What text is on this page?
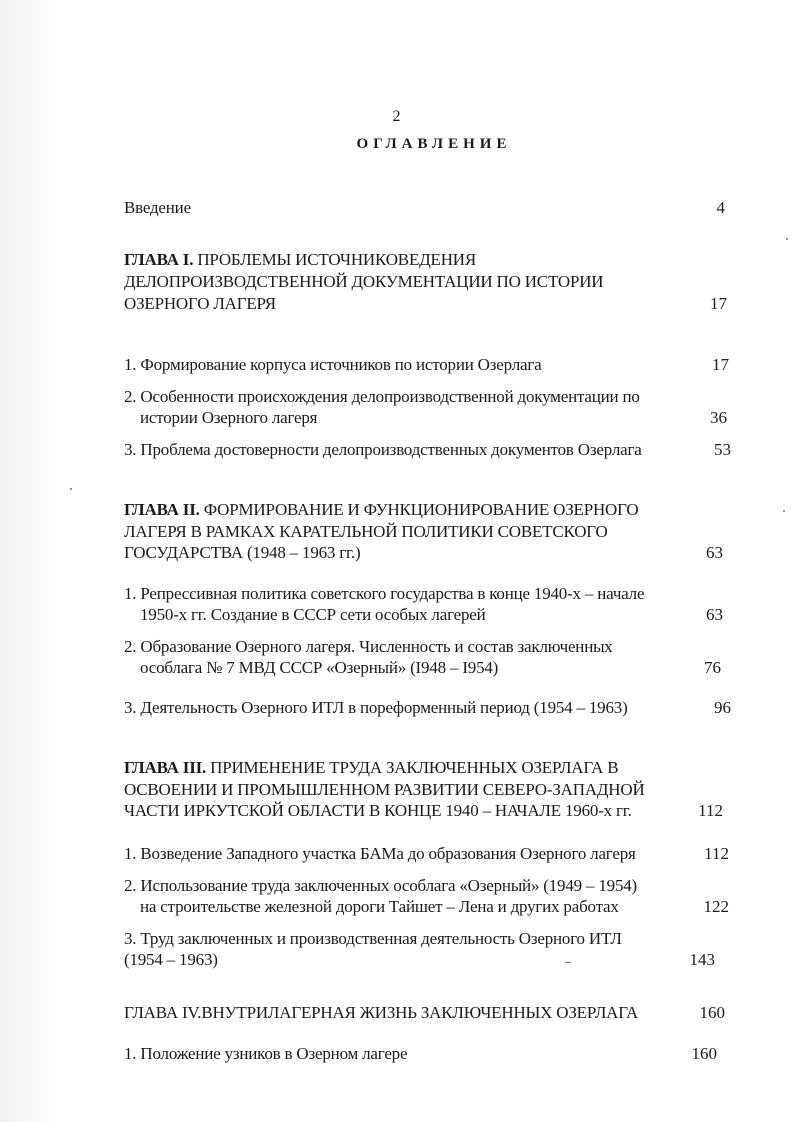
2
ОГЛАВЛЕНИЕ
Введение	4
ГЛАВА I. ПРОБЛЕМЫ ИСТОЧНИКОВЕДЕНИЯ
ДЕЛОПРОИЗВОДСТВЕННОЙ ДОКУМЕНТАЦИИ ПО ИСТОРИИ
ОЗЕРНОГО ЛАГЕРЯ	17
1. Формирование корпуса источников по истории Озерлага	17
2. Особенности происхождения делопроизводственной документации по
истории Озерного лагеря	36
3. Проблема достоверности делопроизводственных документов Озерлага	53
ГЛАВА II. ФОРМИРОВАНИЕ И ФУНКЦИОНИРОВАНИЕ ОЗЕРНОГО
ЛАГЕРЯ В РАМКАХ КАРАТЕЛЬНОЙ ПОЛИТИКИ СОВЕТСКОГО
ГОСУДАРСТВА (1948 – 1963 гг.)	63
1. Репрессивная политика советского государства в конце 1940-х – начале
1950-х гг. Создание в СССР сети особых лагерей	63
2. Образование Озерного лагеря. Численность и состав заключенных
особлага № 7 МВД СССР «Озерный» (I948 – I954)	76
3. Деятельность Озерного ИТЛ в пореформенный период (1954 – 1963)	96
ГЛАВА III. ПРИМЕНЕНИЕ ТРУДА ЗАКЛЮЧЕННЫХ ОЗЕРЛАГА В
ОСВОЕНИИ И ПРОМЫШЛЕННОМ РАЗВИТИИ СЕВЕРО-ЗАПАДНОЙ
ЧАСТИ ИРКУТСКОЙ ОБЛАСТИ В КОНЦЕ 1940 – НАЧАЛЕ 1960-х гг.	112
1. Возведение Западного участка БАМа до образования Озерного лагеря	112
2. Использование труда заключенных особлага «Озерный» (1949 – 1954)
на строительстве железной дороги Тайшет – Лена и других работах	122
3. Труд заключенных и производственная деятельность Озерного ИТЛ
(1954 – 1963)	143
ГЛАВА IV.ВНУТРИЛАГЕРНАЯ ЖИЗНЬ ЗАКЛЮЧЕННЫХ ОЗЕРЛАГА	160
1. Положение узников в Озерном лагере	160
